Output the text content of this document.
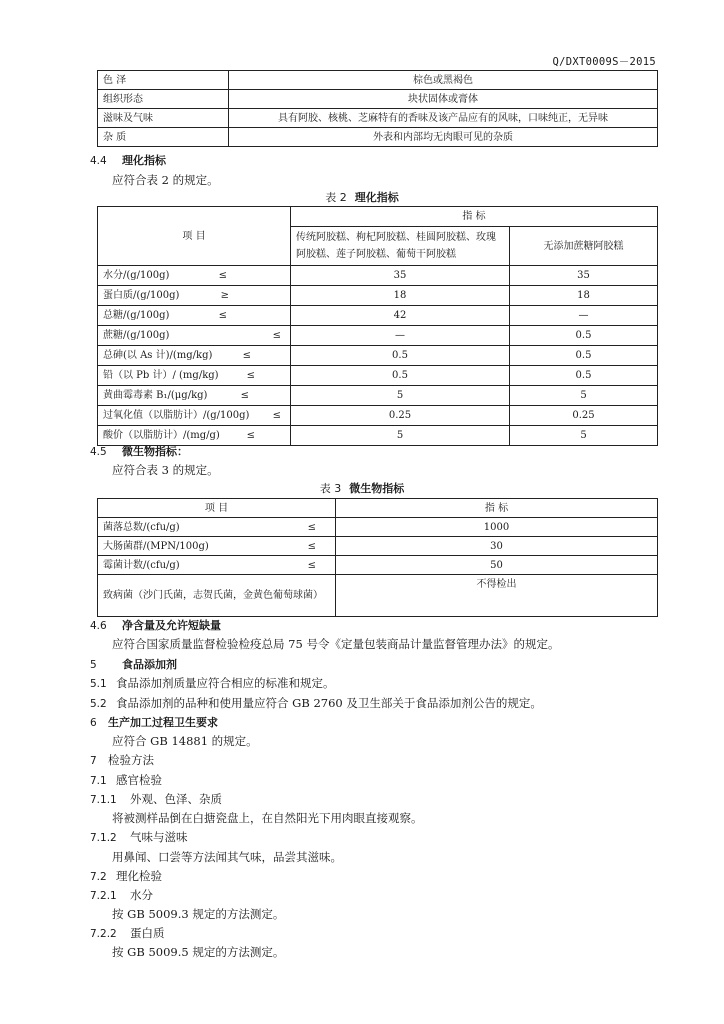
Q/DXT0009S－2015
色 泽	棕色或黑褐色
组织形态	块状固体或膏体
滋味及气味	具有阿胶、核桃、芝麻特有的香味及该产品应有的风味，口味纯正，无异味
杂 质	外表和内部均无肉眼可见的杂质
4.4 理化指标
应符合表 2 的规定。
表 2 理化指标
项 目	指 标	
	传统阿胶糕、枸杞阿胶糕、桂圆阿胶糕、玫瑰阿胶糕、莲子阿胶糕、葡萄干阿胶糕	无添加蔗糖阿胶糕

水分/(g/100g) ≤	35	35

蛋白质/(g/100g) ≥	18	18

总糖/(g/100g) ≤	42	—

蔗糖/(g/100g) ≤	—	0.5

总砷(以 As 计)/(mg/kg) ≤	0.5	0.5

铅（以 Pb 计）/ (mg/kg) ≤	0.5	0.5

黄曲霉毒素 B₁/(μg/kg) ≤	5	5

过氧化值（以脂肪计）/(g/100g) ≤	0.25	0.25

酸价（以脂肪计）/(mg/g) ≤	5	5
4.5 微生物指标：
应符合表 3 的规定。
表 3 微生物指标
项 目	指 标

菌落总数/(cfu/g) ≤	1000

大肠菌群/(MPN/100g) ≤	30

霉菌计数/(cfu/g) ≤	50
致病菌（沙门氏菌，志贺氏菌，金黄色葡萄球菌）	不得检出
4.6 净含量及允许短缺量
应符合国家质量监督检验检疫总局 75 号令《定量包装商品计量监督管理办法》的规定。
5 食品添加剂
5.1 食品添加剂质量应符合相应的标准和规定。
5.2 食品添加剂的品种和使用量应符合 GB 2760 及卫生部关于食品添加剂公告的规定。
6 生产加工过程卫生要求
应符合 GB 14881 的规定。
7 检验方法
7.1 感官检验
7.1.1 外观、色泽、杂质
将被测样品倒在白搪瓷盘上，在自然阳光下用肉眼直接观察。
7.1.2 气味与滋味
用鼻闻、口尝等方法闻其气味，品尝其滋味。
7.2 理化检验
7.2.1 水分
按 GB 5009.3 规定的方法测定。
7.2.2 蛋白质
按 GB 5009.5 规定的方法测定。
